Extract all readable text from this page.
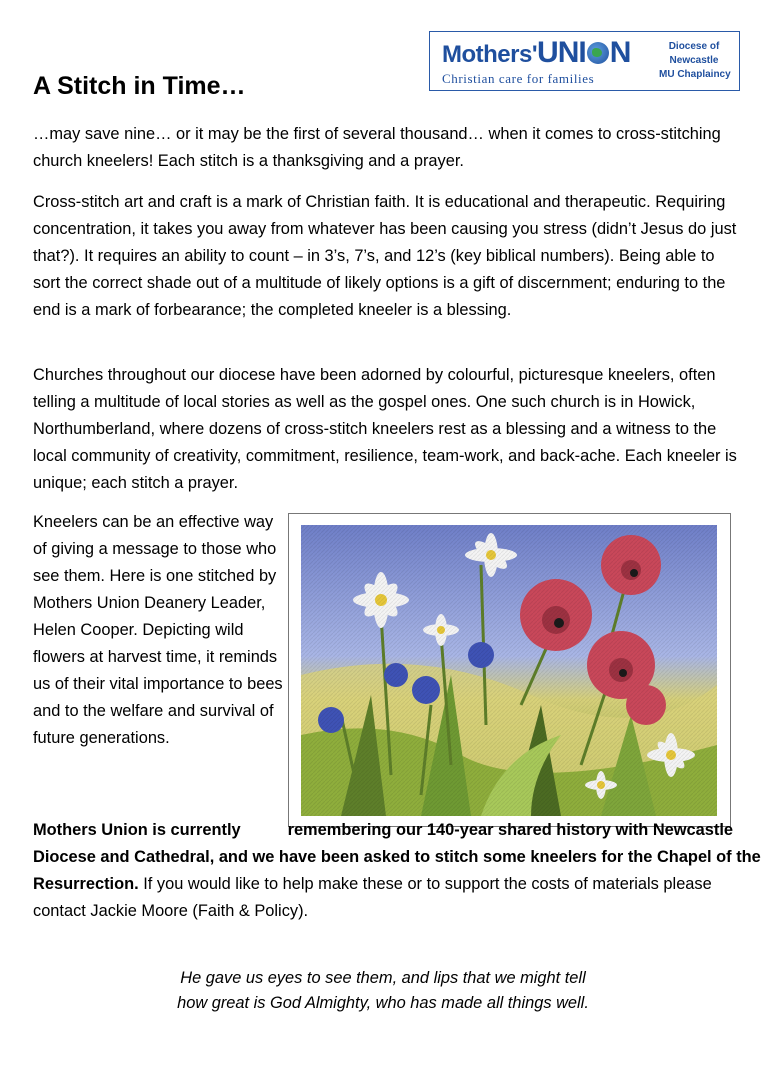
Mothers'UNI N
Christian care for families
Diocese of
Newcastle
MU Chaplaincy
A Stitch in Time…

…may save nine… or it may be the first of several thousand… when it comes to cross-stitching church kneelers! Each stitch is a thanksgiving and a prayer.

Cross-stitch art and craft is a mark of Christian faith. It is educational and therapeutic. Requiring concentration, it takes you away from whatever has been causing you stress (didn’t Jesus do just that?). It requires an ability to count – in 3’s, 7’s, and 12’s (key biblical numbers). Being able to sort the correct shade out of a multitude of likely options is a gift of discernment; enduring to the end is a mark of forbearance; the completed kneeler is a blessing.

Churches throughout our diocese have been adorned by colourful, picturesque kneelers, often telling a multitude of local stories as well as the gospel ones. One such church is in Howick, Northumberland, where dozens of cross-stitch kneelers rest as a blessing and a witness to the local community of creativity, commitment, resilience, team-work, and back-ache. Each kneeler is unique; each stitch a prayer.

Kneelers can be an effective way of giving a message to those who see them. Here is one stitched by Mothers Union Deanery Leader, Helen Cooper. Depicting wild flowers at harvest time, it reminds us of their vital importance to bees and to the welfare and survival of future generations.

Mothers Union is currently	remembering our 140-year shared history with Newcastle Diocese and Cathedral, and we have been asked to stitch some kneelers for the Chapel of the Resurrection. If you would like to help make these or to support the costs of materials please contact Jackie Moore (Faith & Policy).

He gave us eyes to see them, and lips that we might tell
how great is God Almighty, who has made all things well.
